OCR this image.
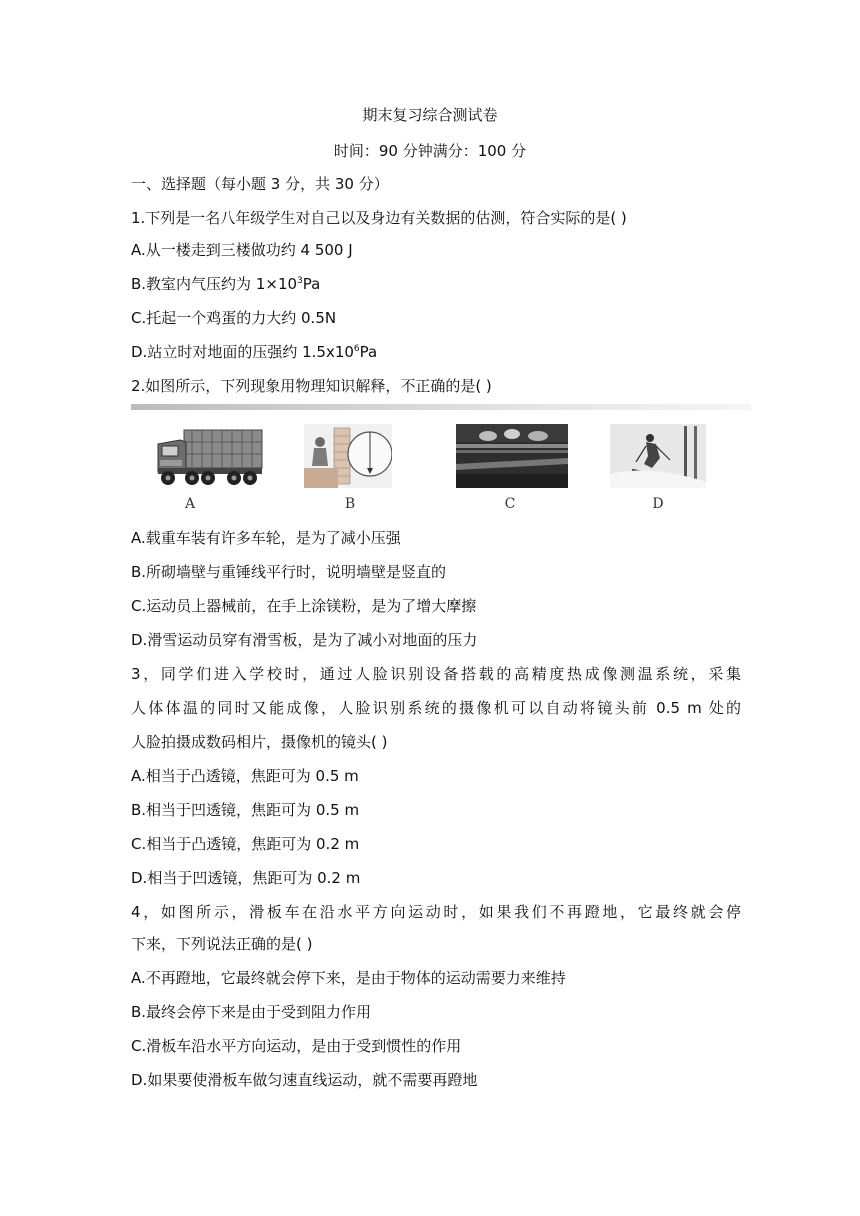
期末复习综合测试卷
时间：90 分钟满分：100 分
一、选择题（每小题 3 分，共 30 分）
1.下列是一名八年级学生对自己以及身边有关数据的估测，符合实际的是( )
A.从一楼走到三楼做功约 4 500 J
B.教室内气压约为 $1\times 10^3Pa$
C.托起一个鸡蛋的力大约 0.5N
D.站立时对地面的压强约 $1.5x10^6Pa$
2.如图所示，下列现象用物理知识解释，不正确的是( )
A	B	C	D
A.载重车装有许多车轮，是为了减小压强
B.所砌墙壁与重锤线平行时，说明墙壁是竖直的
C.运动员上器械前，在手上涂镁粉，是为了增大摩擦
D.滑雪运动员穿有滑雪板，是为了减小对地面的压力
3，同学们进入学校时，通过人脸识别设备搭载的高精度热成像测温系统，采集
人体体温的同时又能成像，人脸识别系统的摄像机可以自动将镜头前 0.5 m 处的
人脸拍摄成数码相片，摄像机的镜头( )
A.相当于凸透镜，焦距可为 0.5 m
B.相当于凹透镜，焦距可为 0.5 m
C.相当于凸透镜，焦距可为 0.2 m
D.相当于凹透镜，焦距可为 0.2 m
4，如图所示，滑板车在沿水平方向运动时，如果我们不再蹬地，它最终就会停
下来，下列说法正确的是( )
A.不再蹬地，它最终就会停下来，是由于物体的运动需要力来维持
B.最终会停下来是由于受到阻力作用
C.滑板车沿水平方向运动，是由于受到惯性的作用
D.如果要使滑板车做匀速直线运动，就不需要再蹬地
